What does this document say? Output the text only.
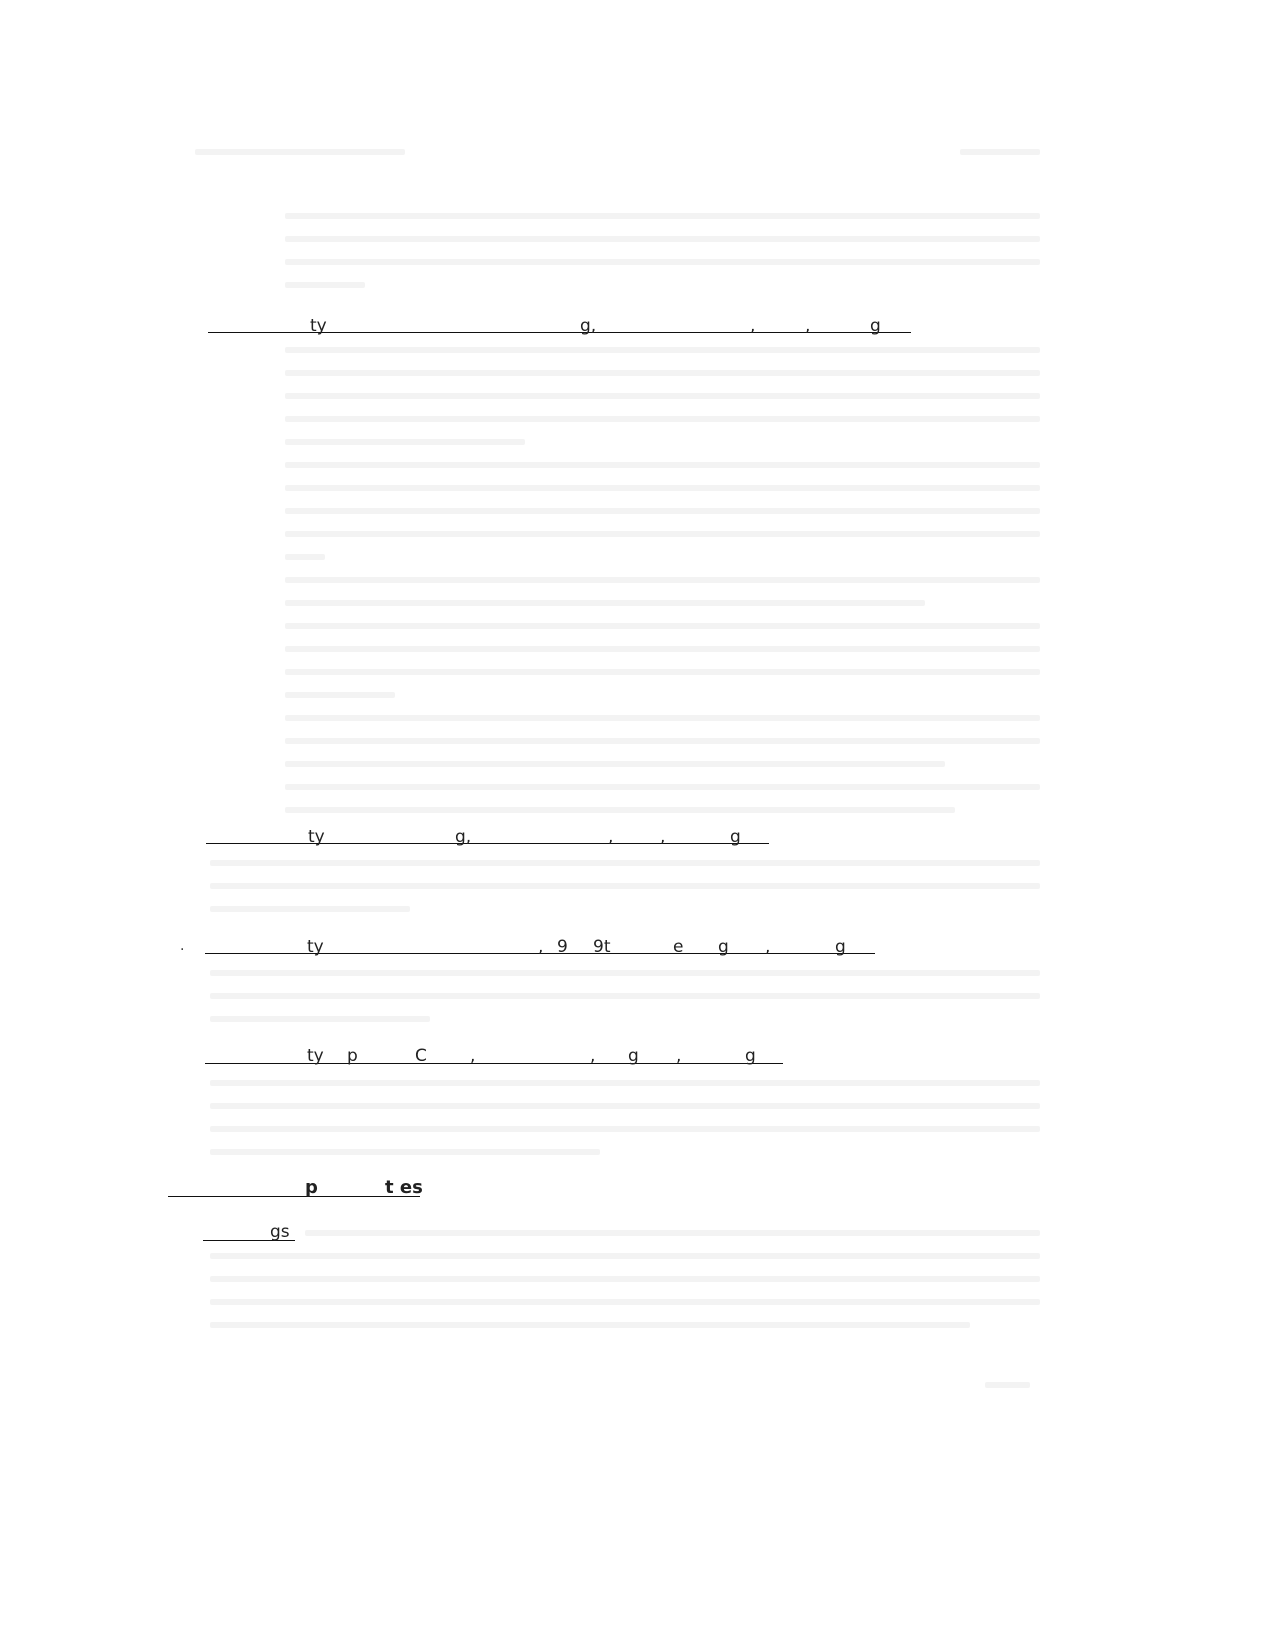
ty	g,	,	,	g
ty	g,	,	,	g
.	ty	, 9 9t	e g ,	g
ty p	C	,	, g ,	g
p	t es
gs
